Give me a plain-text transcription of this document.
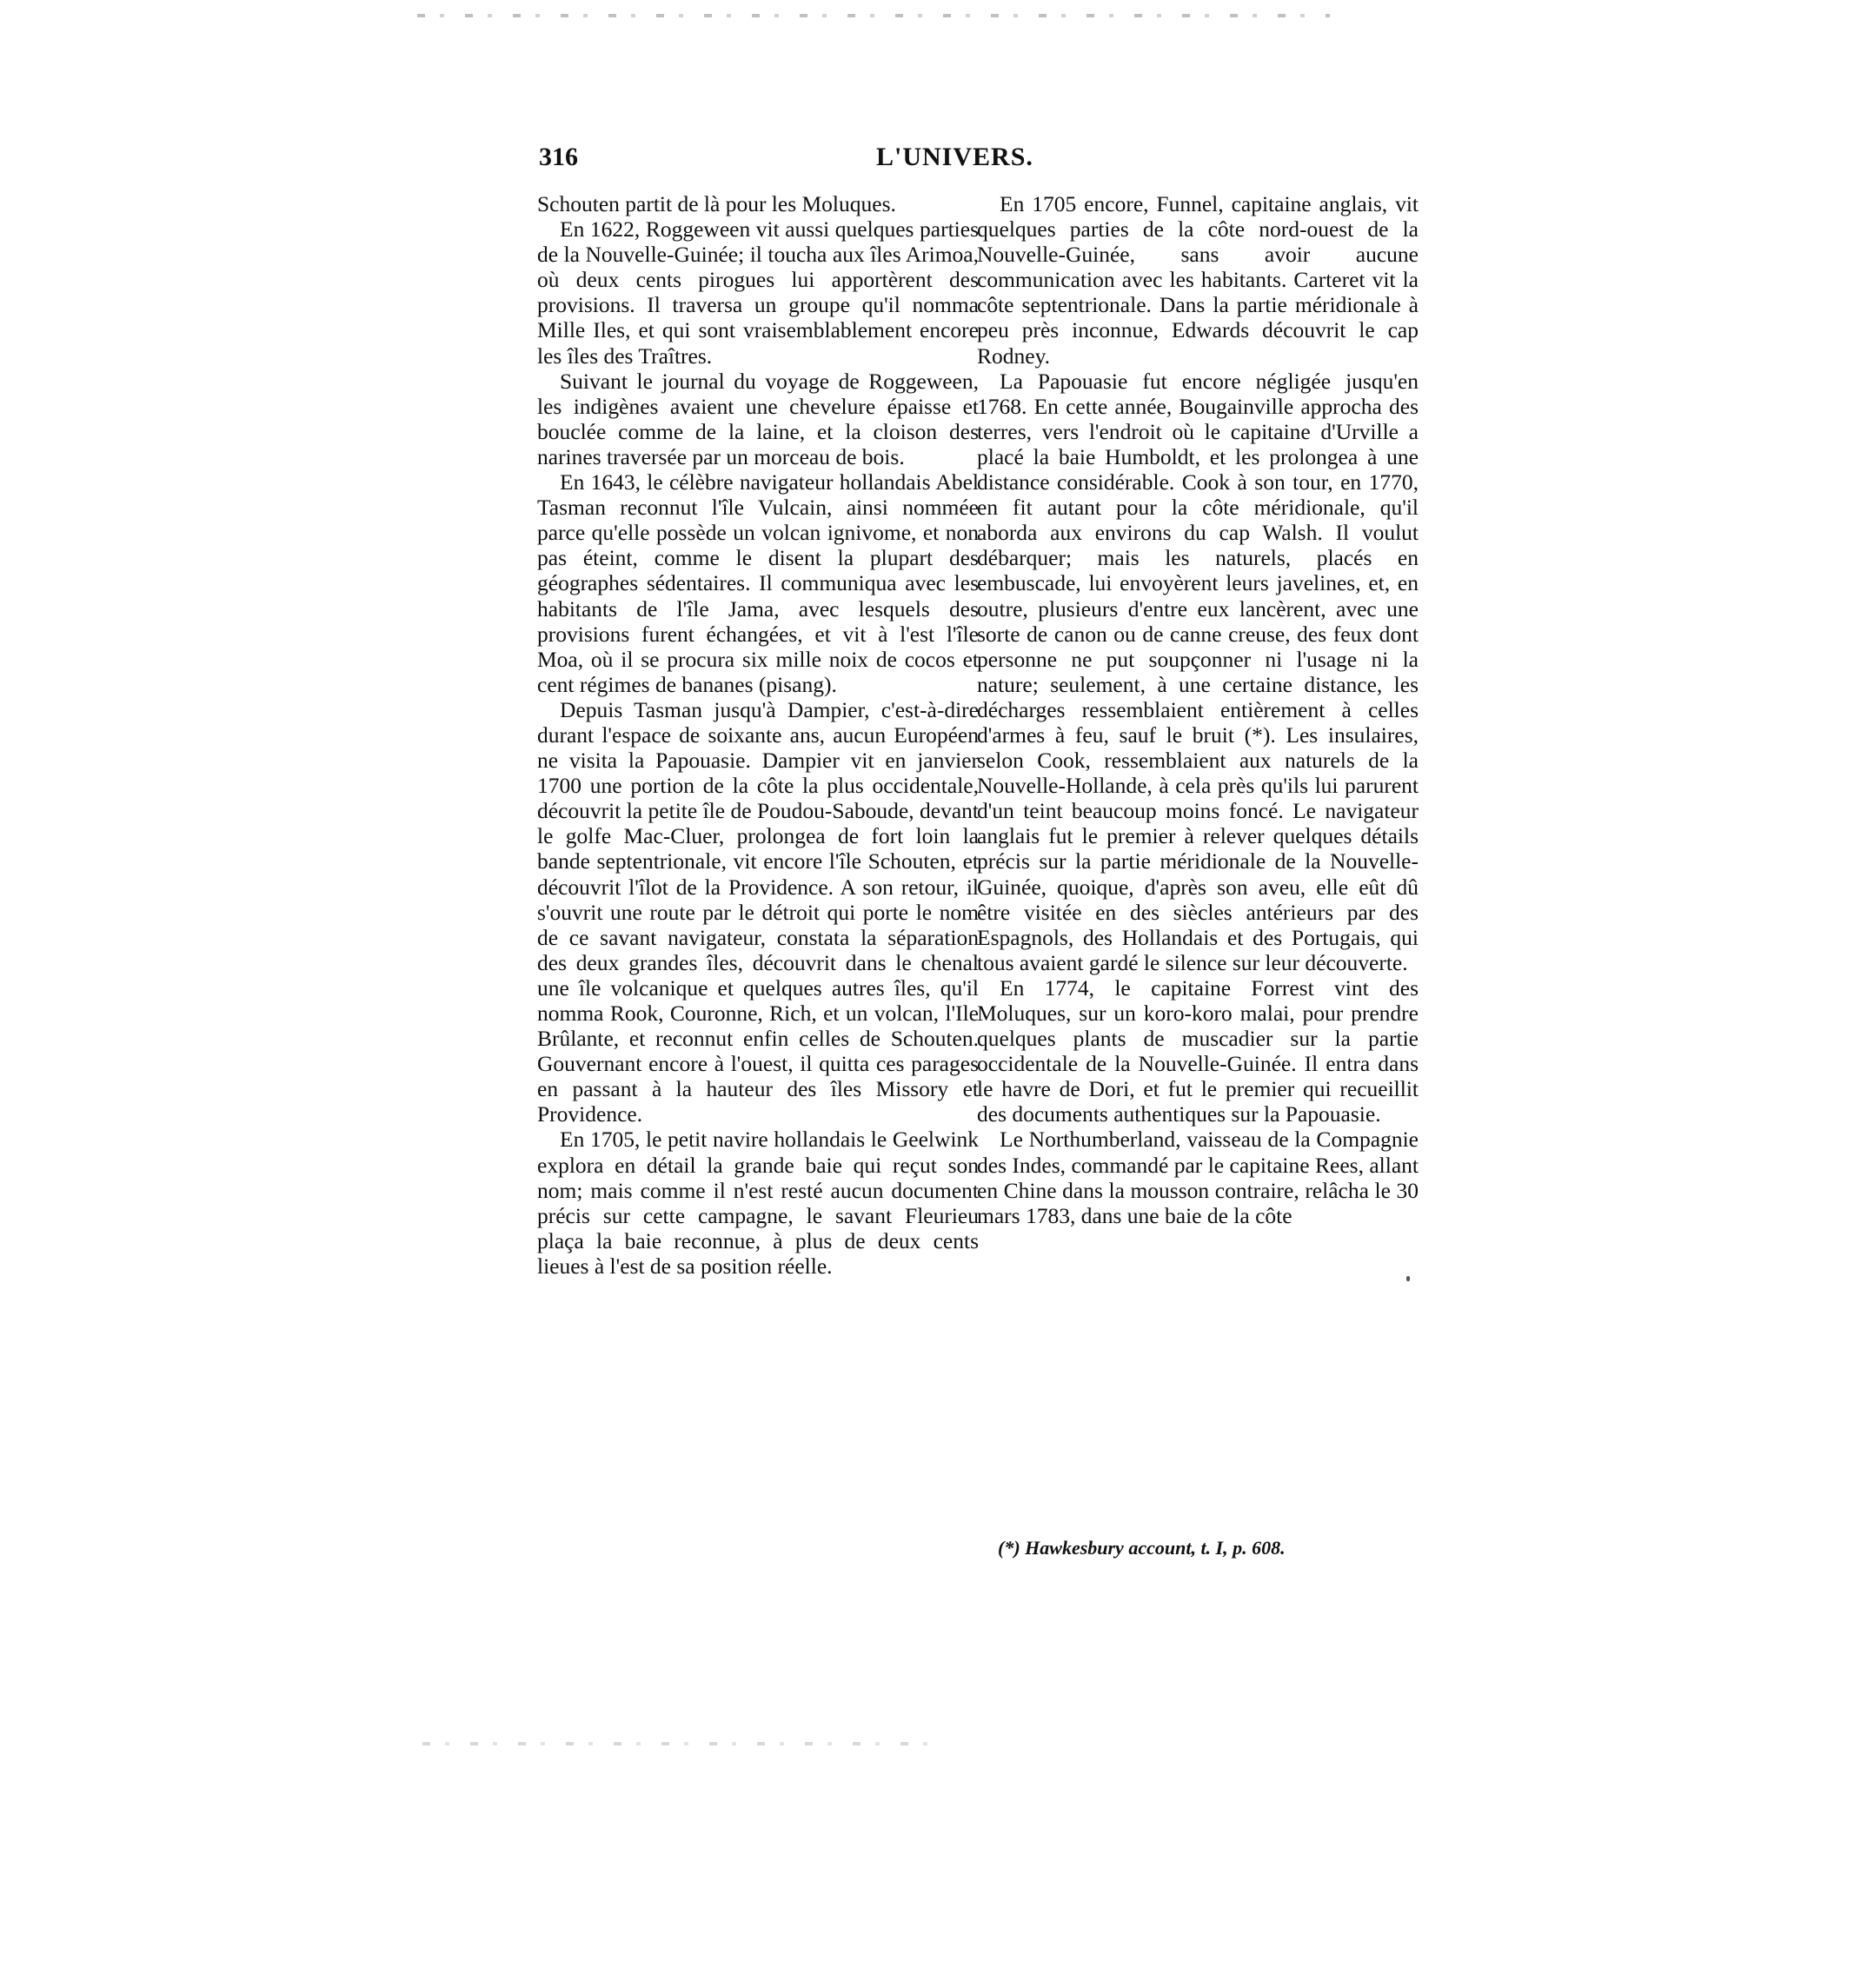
316	L'UNIVERS.

Schouten partit de là pour les Moluques.

En 1622, Roggeween vit aussi quelques parties de la Nouvelle-Guinée; il toucha aux îles Arimoa, où deux cents pirogues lui apportèrent des provisions. Il traversa un groupe qu'il nomma Mille Iles, et qui sont vraisemblablement encore les îles des Traîtres.

Suivant le journal du voyage de Roggeween, les indigènes avaient une chevelure épaisse et bouclée comme de la laine, et la cloison des narines traversée par un morceau de bois.

En 1643, le célèbre navigateur hollandais Abel Tasman reconnut l'île Vulcain, ainsi nommée parce qu'elle possède un volcan ignivome, et non pas éteint, comme le disent la plupart des géographes sédentaires. Il communiqua avec les habitants de l'île Jama, avec lesquels des provisions furent échangées, et vit à l'est l'île Moa, où il se procura six mille noix de cocos et cent régimes de bananes (pisang).

Depuis Tasman jusqu'à Dampier, c'est-à-dire durant l'espace de soixante ans, aucun Européen ne visita la Papouasie. Dampier vit en janvier 1700 une portion de la côte la plus occidentale, découvrit la petite île de Poudou-Saboude, devant le golfe Mac-Cluer, prolongea de fort loin la bande septentrionale, vit encore l'île Schouten, et découvrit l'îlot de la Providence. A son retour, il s'ouvrit une route par le détroit qui porte le nom de ce savant navigateur, constata la séparation des deux grandes îles, découvrit dans le chenal une île volcanique et quelques autres îles, qu'il nomma Rook, Couronne, Rich, et un volcan, l'Ile Brûlante, et reconnut enfin celles de Schouten. Gouvernant encore à l'ouest, il quitta ces parages en passant à la hauteur des îles Missory et Providence.

En 1705, le petit navire hollandais le Geelwink explora en détail la grande baie qui reçut son nom; mais comme il n'est resté aucun document précis sur cette campagne, le savant Fleurieu plaça la baie reconnue, à plus de deux cents lieues à l'est de sa position réelle.

En 1705 encore, Funnel, capitaine anglais, vit quelques parties de la côte nord-ouest de la Nouvelle-Guinée, sans avoir aucune communication avec les habitants. Carteret vit la côte septentrionale. Dans la partie méridionale à peu près inconnue, Edwards découvrit le cap Rodney.

La Papouasie fut encore négligée jusqu'en 1768. En cette année, Bougainville approcha des terres, vers l'endroit où le capitaine d'Urville a placé la baie Humboldt, et les prolongea à une distance considérable. Cook à son tour, en 1770, en fit autant pour la côte méridionale, qu'il aborda aux environs du cap Walsh. Il voulut débarquer; mais les naturels, placés en embuscade, lui envoyèrent leurs javelines, et, en outre, plusieurs d'entre eux lancèrent, avec une sorte de canon ou de canne creuse, des feux dont personne ne put soupçonner ni l'usage ni la nature; seulement, à une certaine distance, les décharges ressemblaient entièrement à celles d'armes à feu, sauf le bruit (*). Les insulaires, selon Cook, ressemblaient aux naturels de la Nouvelle-Hollande, à cela près qu'ils lui parurent d'un teint beaucoup moins foncé. Le navigateur anglais fut le premier à relever quelques détails précis sur la partie méridionale de la Nouvelle-Guinée, quoique, d'après son aveu, elle eût dû être visitée en des siècles antérieurs par des Espagnols, des Hollandais et des Portugais, qui tous avaient gardé le silence sur leur découverte.

En 1774, le capitaine Forrest vint des Moluques, sur un koro-koro malai, pour prendre quelques plants de muscadier sur la partie occidentale de la Nouvelle-Guinée. Il entra dans le havre de Dori, et fut le premier qui recueillit des documents authentiques sur la Papouasie.

Le Northumberland, vaisseau de la Compagnie des Indes, commandé par le capitaine Rees, allant en Chine dans la mousson contraire, relâcha le 30 mars 1783, dans une baie de la côte

(*) Hawkesbury account, t. I, p. 608.
